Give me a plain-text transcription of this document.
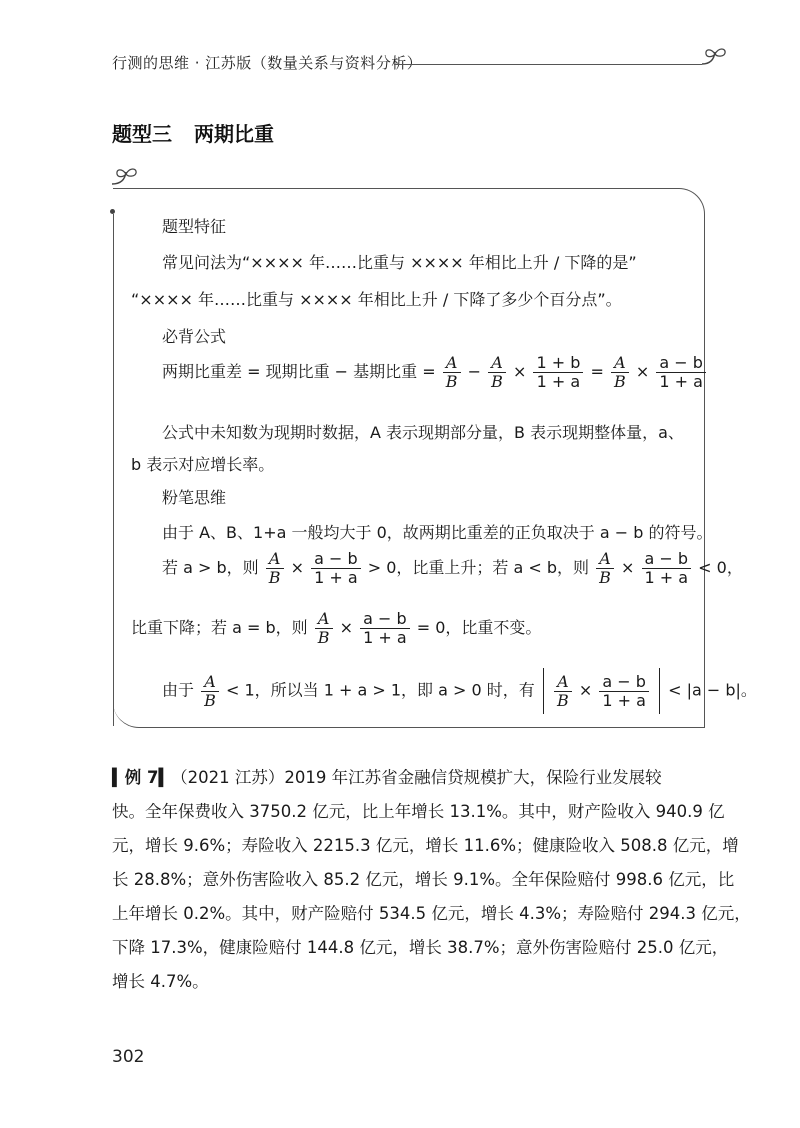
行测的思维 · 江苏版（数量关系与资料分析）
题型三 两期比重
题型特征
常见问法为“×××× 年……比重与 ×××× 年相比上升 / 下降的是”
“×××× 年……比重与 ×××× 年相比上升 / 下降了多少个百分点”。
必背公式
两期比重差 = 现期比重 − 基期比重 = $\frac{A}{B} - \frac{A}{B} \times \frac{1 + b}{1 + a} = \frac{A}{B} \times \frac{a - b}{1 + a}$
公式中未知数为现期时数据，A 表示现期部分量，B 表示现期整体量，a、
b 表示对应增长率。
粉笔思维
由于 A、B、1+a 一般均大于 0，故两期比重差的正负取决于 a − b 的符号。
若 a > b，则 $\frac{A}{B} \times \frac{a - b}{1 + a} > 0$，比重上升；若 a < b，则 $\frac{A}{B} \times \frac{a - b}{1 + a} < 0$，
比重下降；若 a = b，则 $\frac{A}{B} \times \frac{a - b}{1 + a} = 0$，比重不变。
由于 $\frac{A}{B} < 1$，所以当 1 + a > 1，即 a > 0 时，有 $\frac{A}{B} \times \frac{a - b}{1 + a} < |a - b|$。
▍例 7▍（2021 江苏）2019 年江苏省金融信贷规模扩大，保险行业发展较
快。全年保费收入 3750.2 亿元，比上年增长 13.1%。其中，财产险收入 940.9 亿
元，增长 9.6%；寿险收入 2215.3 亿元，增长 11.6%；健康险收入 508.8 亿元，增
长 28.8%；意外伤害险收入 85.2 亿元，增长 9.1%。全年保险赔付 998.6 亿元，比
上年增长 0.2%。其中，财产险赔付 534.5 亿元，增长 4.3%；寿险赔付 294.3 亿元，
下降 17.3%，健康险赔付 144.8 亿元，增长 38.7%；意外伤害险赔付 25.0 亿元，
增长 4.7%。
302
